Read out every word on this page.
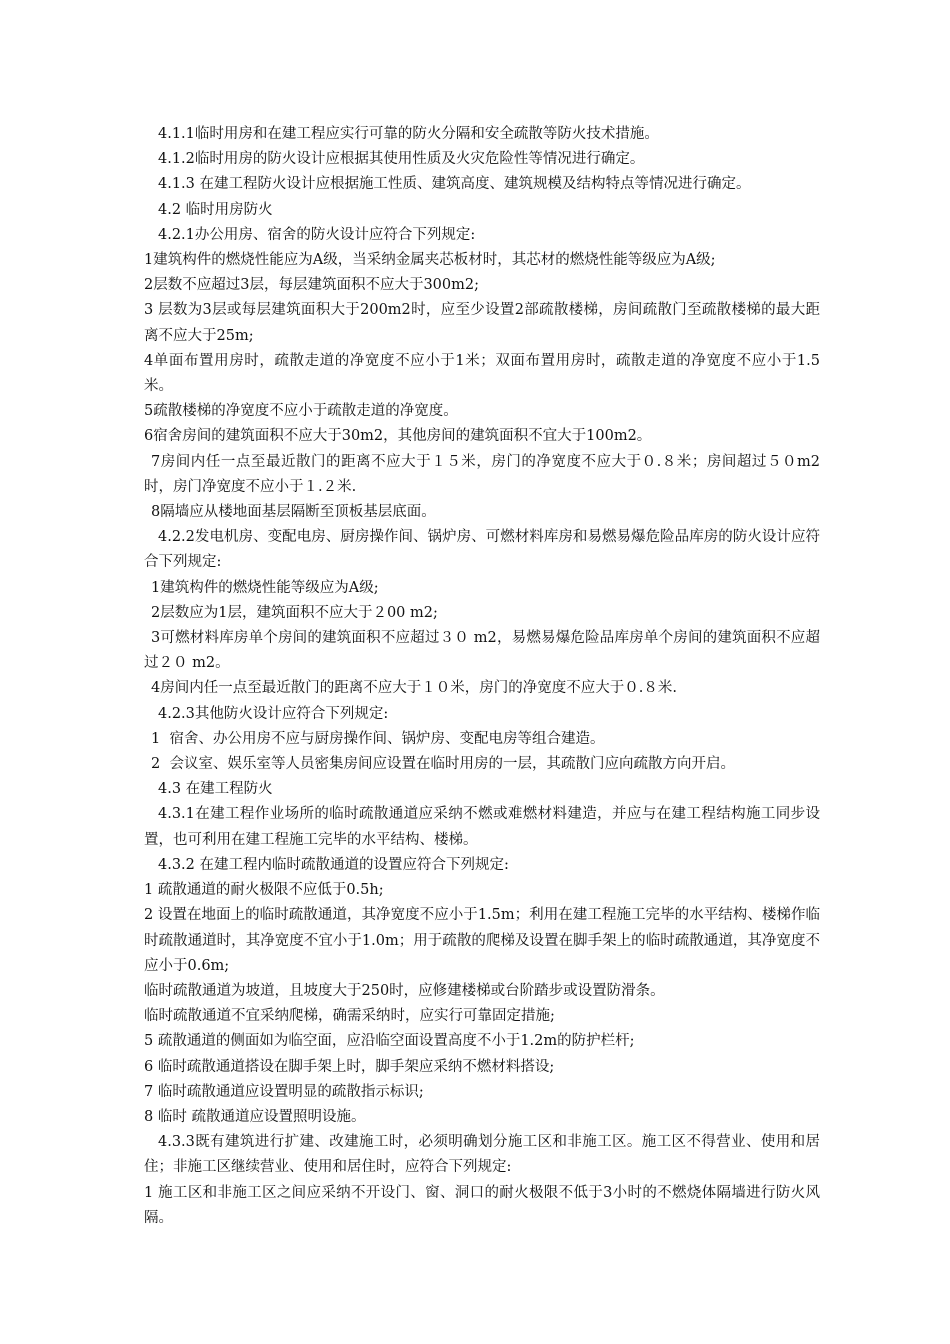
4.1.1临时用房和在建工程应实行可靠的防火分隔和安全疏散等防火技术措施。

4.1.2临时用房的防火设计应根据其使用性质及火灾危险性等情况进行确定。

4.1.3 在建工程防火设计应根据施工性质、建筑高度、建筑规模及结构特点等情况进行确定。

4.2 临时用房防火

4.2.1办公用房、宿舍的防火设计应符合下列规定:

1建筑构件的燃烧性能应为A级，当采纳金属夹芯板材时，其芯材的燃烧性能等级应为A级;

2层数不应超过3层，每层建筑面积不应大于300m2;

3 层数为3层或每层建筑面积大于200m2时，应至少设置2部疏散楼梯，房间疏散门至疏散楼梯的最大距离不应大于25m;

4单面布置用房时，疏散走道的净宽度不应小于1米；双面布置用房时，疏散走道的净宽度不应小于1.5米。

5疏散楼梯的净宽度不应小于疏散走道的净宽度。

6宿舍房间的建筑面积不应大于30m2，其他房间的建筑面积不宜大于100m2。

7房间内任一点至最近散门的距离不应大于１５米，房门的净宽度不应大于０.８米；房间超过５０m2时，房门净宽度不应小于１.２米.

8隔墙应从楼地面基层隔断至顶板基层底面。

4.2.2发电机房、变配电房、厨房操作间、锅炉房、可燃材料库房和易燃易爆危险品库房的防火设计应符合下列规定:

1建筑构件的燃烧性能等级应为A级;

2层数应为1层，建筑面积不应大于２00 m2;

3可燃材料库房单个房间的建筑面积不应超过３０ m2，易燃易爆危险品库房单个房间的建筑面积不应超过２０ m2。

4房间内任一点至最近散门的距离不应大于１０米，房门的净宽度不应大于０.８米.

4.2.3其他防火设计应符合下列规定:

1  宿舍、办公用房不应与厨房操作间、锅炉房、变配电房等组合建造。

2  会议室、娱乐室等人员密集房间应设置在临时用房的一层，其疏散门应向疏散方向开启。

4.3 在建工程防火

4.3.1在建工程作业场所的临时疏散通道应采纳不燃或难燃材料建造，并应与在建工程结构施工同步设置，也可利用在建工程施工完毕的水平结构、楼梯。

4.3.2 在建工程内临时疏散通道的设置应符合下列规定:

1 疏散通道的耐火极限不应低于0.5h;

2 设置在地面上的临时疏散通道，其净宽度不应小于1.5m；利用在建工程施工完毕的水平结构、楼梯作临时疏散通道时，其净宽度不宜小于1.0m；用于疏散的爬梯及设置在脚手架上的临时疏散通道，其净宽度不应小于0.6m;

临时疏散通道为坡道，且坡度大于250时，应修建楼梯或台阶踏步或设置防滑条。

临时疏散通道不宜采纳爬梯，确需采纳时，应实行可靠固定措施;

5 疏散通道的侧面如为临空面，应沿临空面设置高度不小于1.2m的防护栏杆;

6 临时疏散通道搭设在脚手架上时，脚手架应采纳不燃材料搭设;

7 临时疏散通道应设置明显的疏散指示标识;

8 临时 疏散通道应设置照明设施。

4.3.3既有建筑进行扩建、改建施工时，必须明确划分施工区和非施工区。施工区不得营业、使用和居住；非施工区继续营业、使用和居住时，应符合下列规定:

1 施工区和非施工区之间应采纳不开设门、窗、洞口的耐火极限不低于3小时的不燃烧体隔墙进行防火风隔。
